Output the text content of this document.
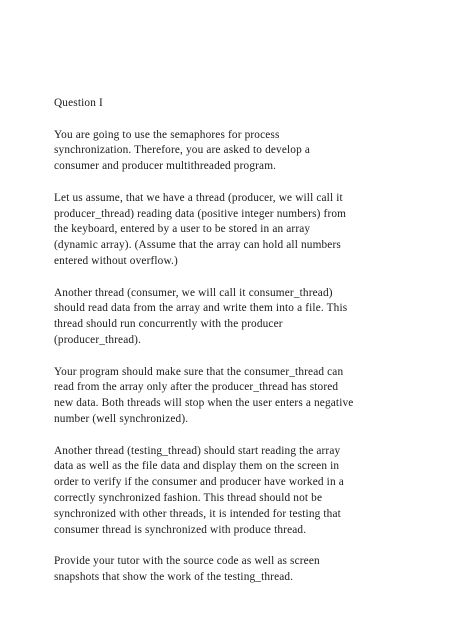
Question I
You are going to use the semaphores for process
synchronization. Therefore, you are asked to develop a
consumer and producer multithreaded program.
Let us assume, that we have a thread (producer, we will call it
producer_thread) reading data (positive integer numbers) from
the keyboard, entered by a user to be stored in an array
(dynamic array). (Assume that the array can hold all numbers
entered without overflow.)
Another thread (consumer, we will call it consumer_thread)
should read data from the array and write them into a file. This
thread should run concurrently with the producer
(producer_thread).
Your program should make sure that the consumer_thread can
read from the array only after the producer_thread has stored
new data. Both threads will stop when the user enters a negative
number (well synchronized).
Another thread (testing_thread) should start reading the array
data as well as the file data and display them on the screen in
order to verify if the consumer and producer have worked in a
correctly synchronized fashion. This thread should not be
synchronized with other threads, it is intended for testing that
consumer thread is synchronized with produce thread.
Provide your tutor with the source code as well as screen
snapshots that show the work of the testing_thread.
